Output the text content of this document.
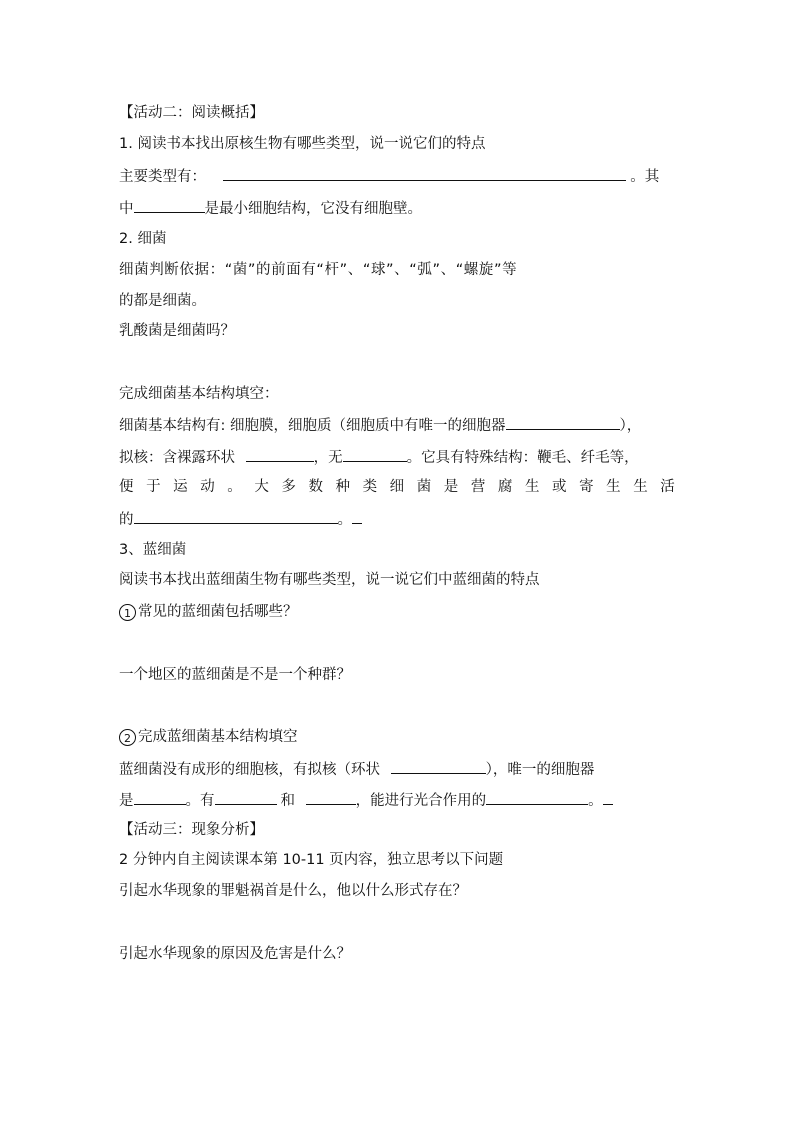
【活动二：阅读概括】
1. 阅读书本找出原核生物有哪些类型，说一说它们的特点
主要类型有：	。其
中	是最小细胞结构，它没有细胞壁。
2. 细菌
细菌判断依据：“菌”的前面有“杆”、“球”、“弧”、“螺旋”等
的都是细菌。
乳酸菌是细菌吗？
完成细菌基本结构填空：
细菌基本结构有: 细胞膜，细胞质（细胞质中有唯一的细胞器	），
拟核：含裸露环状	，无	。它具有特殊结构：鞭毛、纤毛等，
便 于 运 动 。 大 多 数 种 类 细 菌 是 营 腐 生 或 寄 生 生 活
的	。
3、蓝细菌
阅读书本找出蓝细菌生物有哪些类型，说一说它们中蓝细菌的特点
1 常见的蓝细菌包括哪些？
一个地区的蓝细菌是不是一个种群？
2 完成蓝细菌基本结构填空
蓝细菌没有成形的细胞核，有拟核（环状	），唯一的细胞器
是	。有	和	，能进行光合作用的	。
【活动三：现象分析】
2 分钟内自主阅读课本第 10-11 页内容，独立思考以下问题
引起水华现象的罪魁祸首是什么，他以什么形式存在？
引起水华现象的原因及危害是什么？
